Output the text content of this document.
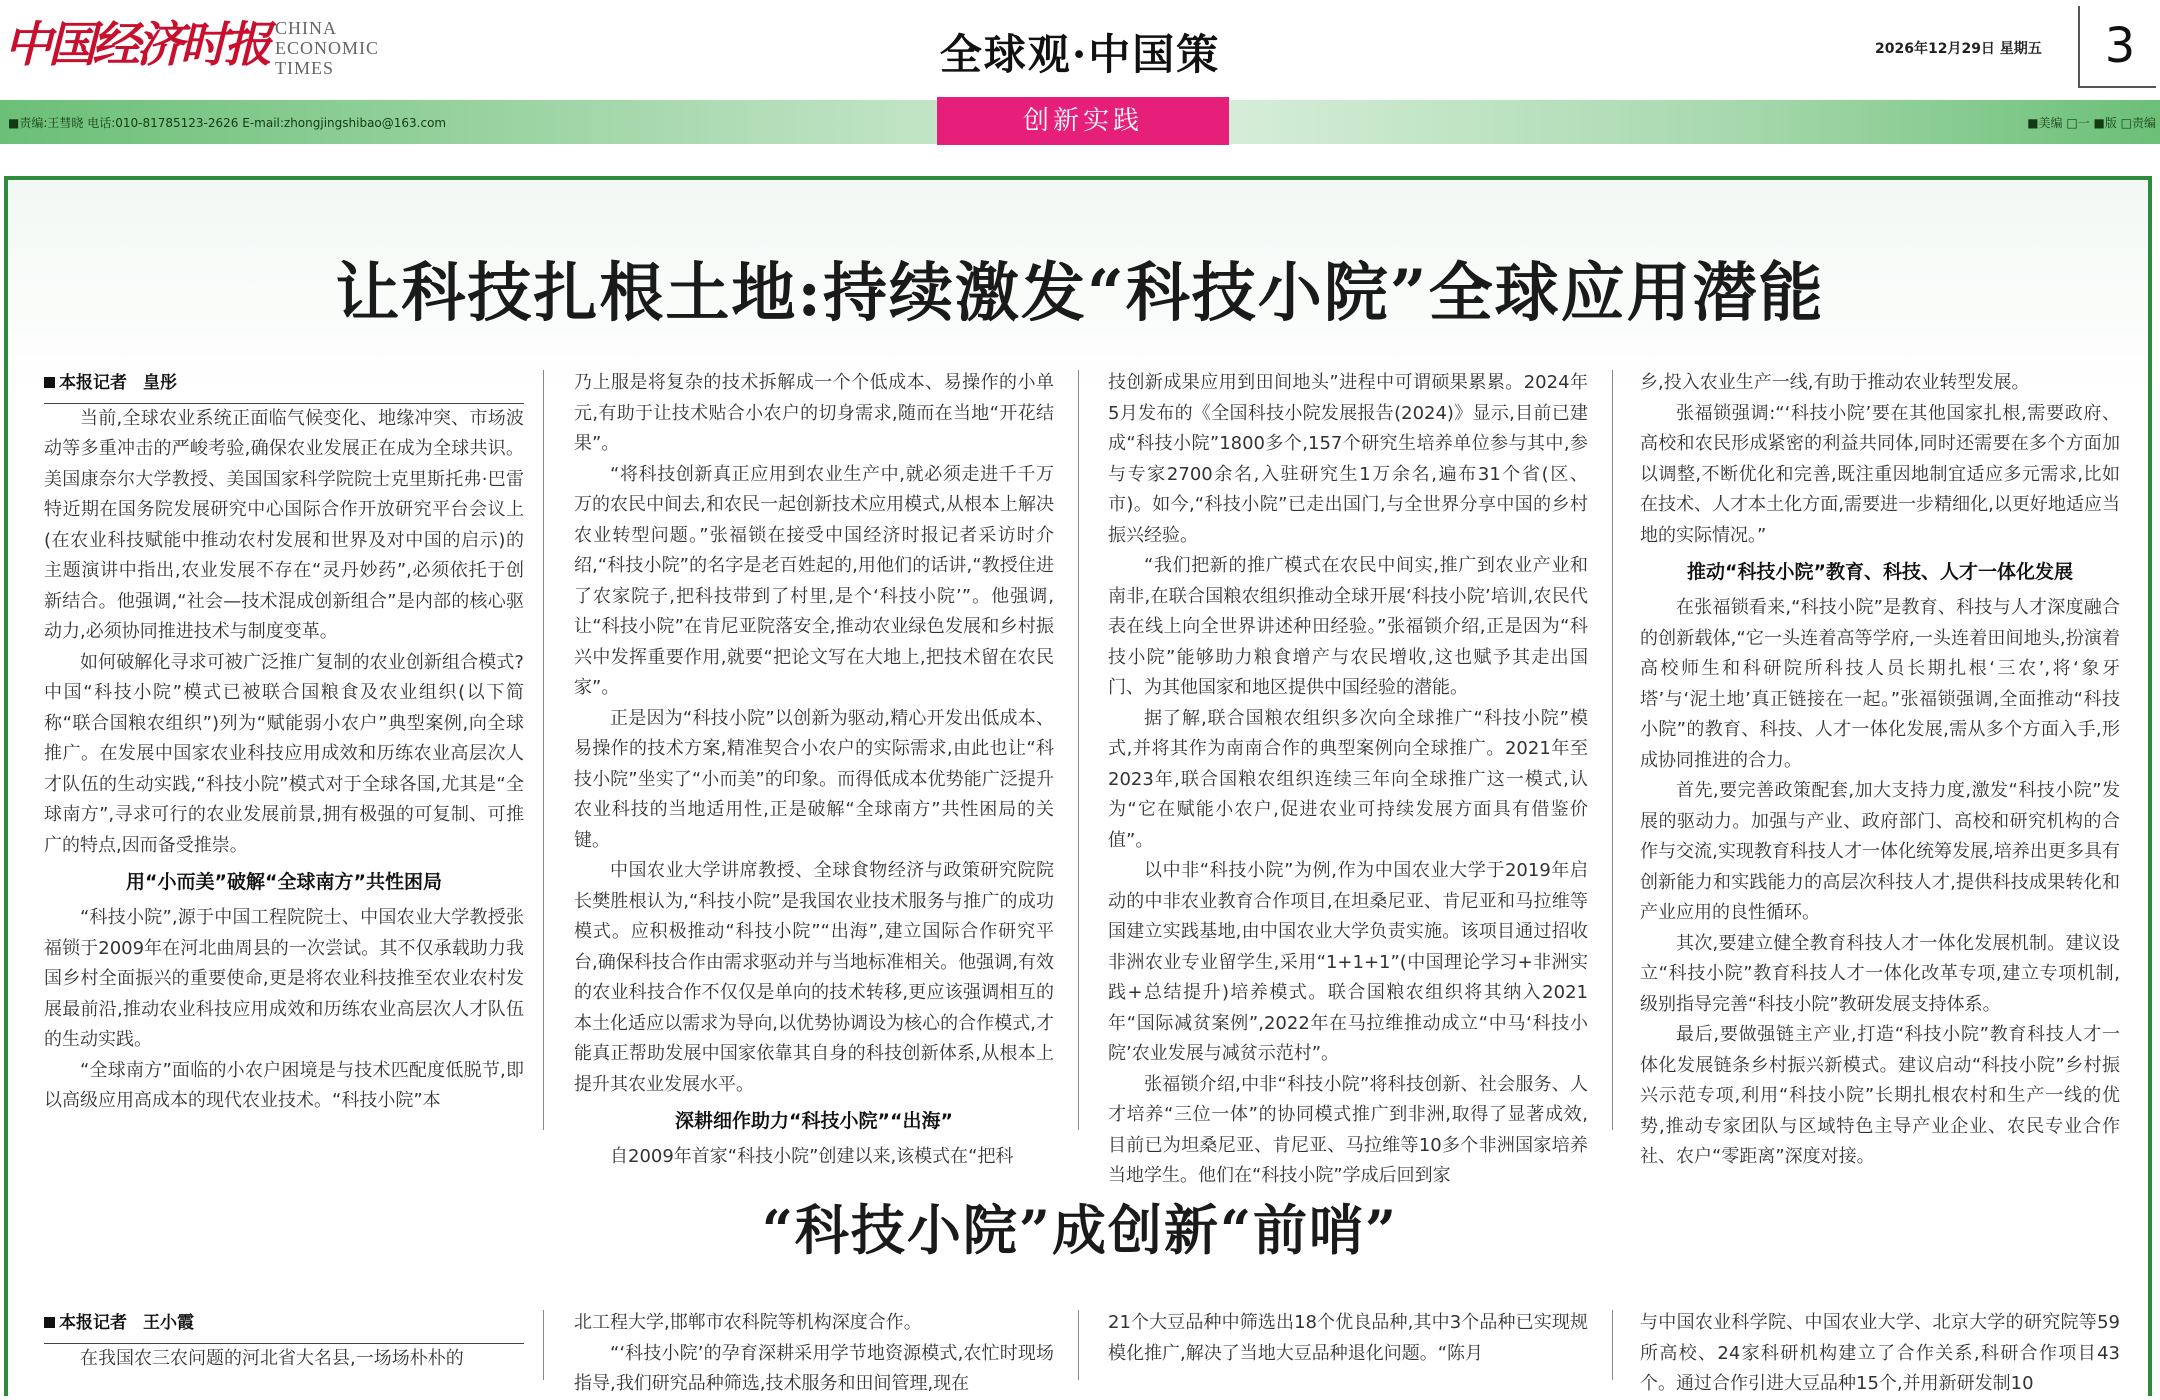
中国经济时报 CHINA
ECONOMIC
TIMES	全球观·中国策	2026年12月29日 星期五	3
■责编:王彗晓 电话:010-81785123-2626 E-mail:zhongjingshibao@163.com	■美编 □一 ■版 □责编
创新实践
让科技扎根土地:持续激发“科技小院”全球应用潜能

本报记者 皇彤

当前,全球农业系统正面临气候变化、地缘冲突、市场波动等多重冲击的严峻考验,确保农业发展正在成为全球共识。美国康奈尔大学教授、美国国家科学院院士克里斯托弗·巴雷特近期在国务院发展研究中心国际合作开放研究平台会议上(在农业科技赋能中推动农村发展和世界及对中国的启示)的主题演讲中指出,农业发展不存在“灵丹妙药”,必须依托于创新结合。他强调,“社会—技术混成创新组合”是内部的核心驱动力,必须协同推进技术与制度变革。

如何破解化寻求可被广泛推广复制的农业创新组合模式?中国“科技小院”模式已被联合国粮食及农业组织(以下简称“联合国粮农组织”)列为“赋能弱小农户”典型案例,向全球推广。在发展中国家农业科技应用成效和历练农业高层次人才队伍的生动实践,“科技小院”模式对于全球各国,尤其是“全球南方”,寻求可行的农业发展前景,拥有极强的可复制、可推广的特点,因而备受推崇。

用“小而美”破解“全球南方”共性困局

“科技小院”,源于中国工程院院士、中国农业大学教授张福锁于2009年在河北曲周县的一次尝试。其不仅承载助力我国乡村全面振兴的重要使命,更是将农业科技推至农业农村发展最前沿,推动农业科技应用成效和历练农业高层次人才队伍的生动实践。

“全球南方”面临的小农户困境是与技术匹配度低脱节,即以高级应用高成本的现代农业技术。“科技小院”本

乃上服是将复杂的技术拆解成一个个低成本、易操作的小单元,有助于让技术贴合小农户的切身需求,随而在当地“开花结果”。

“将科技创新真正应用到农业生产中,就必须走进千千万万的农民中间去,和农民一起创新技术应用模式,从根本上解决农业转型问题。”张福锁在接受中国经济时报记者采访时介绍,“科技小院”的名字是老百姓起的,用他们的话讲,“教授住进了农家院子,把科技带到了村里,是个‘科技小院’”。他强调,让“科技小院”在肯尼亚院落安全,推动农业绿色发展和乡村振兴中发挥重要作用,就要“把论文写在大地上,把技术留在农民家”。

正是因为“科技小院”以创新为驱动,精心开发出低成本、易操作的技术方案,精准契合小农户的实际需求,由此也让“科技小院”坐实了“小而美”的印象。而得低成本优势能广泛提升农业科技的当地适用性,正是破解“全球南方”共性困局的关键。

中国农业大学讲席教授、全球食物经济与政策研究院院长樊胜根认为,“科技小院”是我国农业技术服务与推广的成功模式。应积极推动“科技小院”“出海”,建立国际合作研究平台,确保科技合作由需求驱动并与当地标准相关。他强调,有效的农业科技合作不仅仅是单向的技术转移,更应该强调相互的本土化适应以需求为导向,以优势协调设为核心的合作模式,才能真正帮助发展中国家依靠其自身的科技创新体系,从根本上提升其农业发展水平。

深耕细作助力“科技小院”“出海”

自2009年首家“科技小院”创建以来,该模式在“把科

技创新成果应用到田间地头”进程中可谓硕果累累。2024年5月发布的《全国科技小院发展报告(2024)》显示,目前已建成“科技小院”1800多个,157个研究生培养单位参与其中,参与专家2700余名,入驻研究生1万余名,遍布31个省(区、市)。如今,“科技小院”已走出国门,与全世界分享中国的乡村振兴经验。

“我们把新的推广模式在农民中间实,推广到农业产业和南非,在联合国粮农组织推动全球开展‘科技小院’培训,农民代表在线上向全世界讲述种田经验。”张福锁介绍,正是因为“科技小院”能够助力粮食增产与农民增收,这也赋予其走出国门、为其他国家和地区提供中国经验的潜能。

据了解,联合国粮农组织多次向全球推广“科技小院”模式,并将其作为南南合作的典型案例向全球推广。2021年至2023年,联合国粮农组织连续三年向全球推广这一模式,认为“它在赋能小农户,促进农业可持续发展方面具有借鉴价值”。

以中非“科技小院”为例,作为中国农业大学于2019年启动的中非农业教育合作项目,在坦桑尼亚、肯尼亚和马拉维等国建立实践基地,由中国农业大学负责实施。该项目通过招收非洲农业专业留学生,采用“1+1+1”(中国理论学习+非洲实践+总结提升)培养模式。联合国粮农组织将其纳入2021年“国际减贫案例”,2022年在马拉维推动成立“中马‘科技小院’农业发展与减贫示范村”。

张福锁介绍,中非“科技小院”将科技创新、社会服务、人才培养“三位一体”的协同模式推广到非洲,取得了显著成效,目前已为坦桑尼亚、肯尼亚、马拉维等10多个非洲国家培养当地学生。他们在“科技小院”学成后回到家

乡,投入农业生产一线,有助于推动农业转型发展。

张福锁强调:“‘科技小院’要在其他国家扎根,需要政府、高校和农民形成紧密的利益共同体,同时还需要在多个方面加以调整,不断优化和完善,既注重因地制宜适应多元需求,比如在技术、人才本土化方面,需要进一步精细化,以更好地适应当地的实际情况。”

推动“科技小院”教育、科技、人才一体化发展

在张福锁看来,“科技小院”是教育、科技与人才深度融合的创新载体,“它一头连着高等学府,一头连着田间地头,扮演着高校师生和科研院所科技人员长期扎根‘三农’,将‘象牙塔’与‘泥土地’真正链接在一起。”张福锁强调,全面推动“科技小院”的教育、科技、人才一体化发展,需从多个方面入手,形成协同推进的合力。

首先,要完善政策配套,加大支持力度,激发“科技小院”发展的驱动力。加强与产业、政府部门、高校和研究机构的合作与交流,实现教育科技人才一体化统筹发展,培养出更多具有创新能力和实践能力的高层次科技人才,提供科技成果转化和产业应用的良性循环。

其次,要建立健全教育科技人才一体化发展机制。建议设立“科技小院”教育科技人才一体化改革专项,建立专项机制,级别指导完善“科技小院”教研发展支持体系。

最后,要做强链主产业,打造“科技小院”教育科技人才一体化发展链条乡村振兴新模式。建议启动“科技小院”乡村振兴示范专项,利用“科技小院”长期扎根农村和生产一线的优势,推动专家团队与区域特色主导产业企业、农民专业合作社、农户“零距离”深度对接。

“科技小院”成创新“前哨”

本报记者 王小霞

在我国农三农问题的河北省大名县,一场场朴朴的

北工程大学,邯郸市农科院等机构深度合作。

“‘科技小院’的孕育深耕采用学节地资源模式,农忙时现场指导,我们研究品种筛选,技术服务和田间管理,现在

21个大豆品种中筛选出18个优良品种,其中3个品种已实现规模化推广,解决了当地大豆品种退化问题。“陈月

与中国农业科学院、中国农业大学、北京大学的研究院等59所高校、24家科研机构建立了合作关系,科研合作项目43个。通过合作引进大豆品种15个,并用新研发制10
